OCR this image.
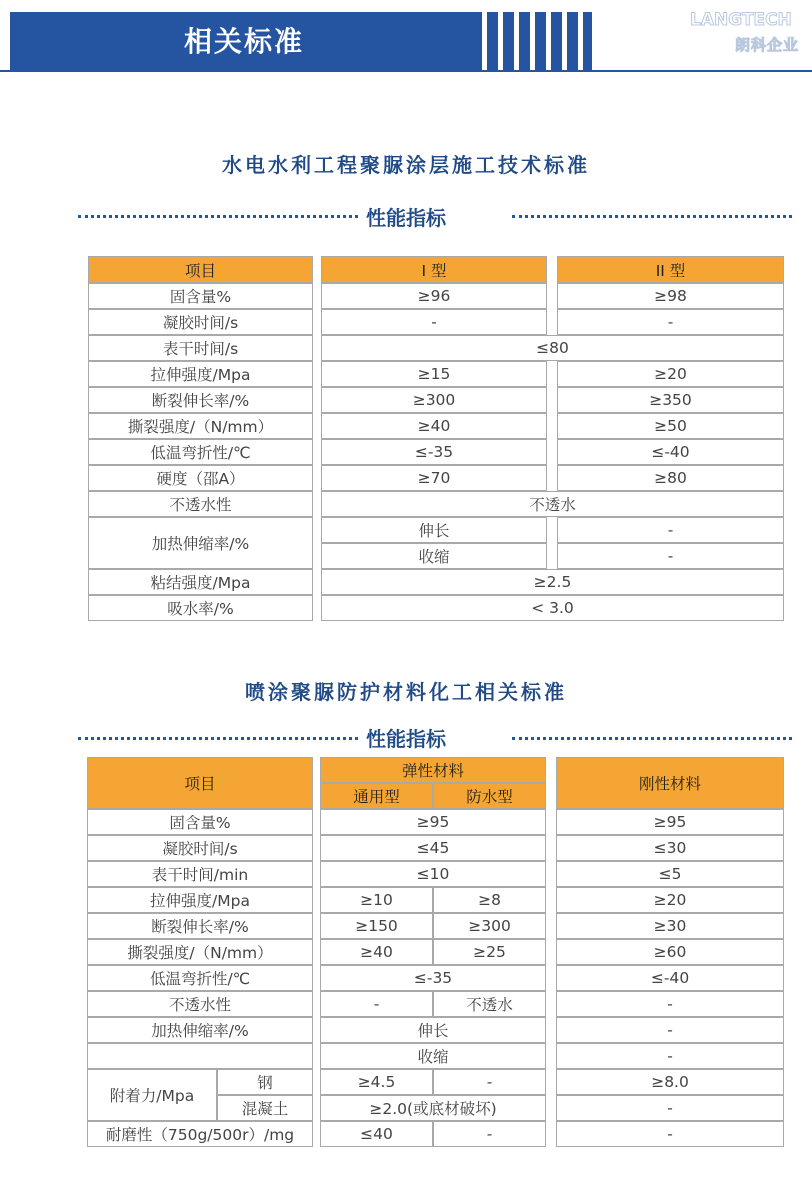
相关标准
LANGTECH
朗科企业
水电水利工程聚脲涂层施工技术标准
性能指标
项目		I 型		II 型
固含量%		≥96		≥98
凝胶时间/s		-		-
表干时间/s		≤80		
拉伸强度/Mpa		≥15		≥20
断裂伸长率/%		≥300		≥350
撕裂强度/（N/mm）		≥40		≥50
低温弯折性/℃		≤-35		≤-40
硬度（邵A）		≥70		≥80
不透水性		不透水		
加热伸缩率/%		伸长		-
		收缩		-
粘结强度/Mpa		≥2.5		
吸水率/%		< 3.0		
喷涂聚脲防护材料化工相关标准
性能指标
项目			弹性材料			刚性材料
			通用型	防水型		
固含量%			≥95			≥95
凝胶时间/s			≤45			≤30
表干时间/min			≤10			≤5
拉伸强度/Mpa			≥10	≥8		≥20
断裂伸长率/%			≥150	≥300		≥30
撕裂强度/（N/mm）			≥40	≥25		≥60
低温弯折性/℃			≤-35			≤-40
不透水性			-	不透水		-
加热伸缩率/%			伸长			-
			收缩			-
附着力/Mpa	钢		≥4.5	-		≥8.0
	混凝土		≥2.0(或底材破坏)			-
耐磨性（750g/500r）/mg			≤40	-		-
